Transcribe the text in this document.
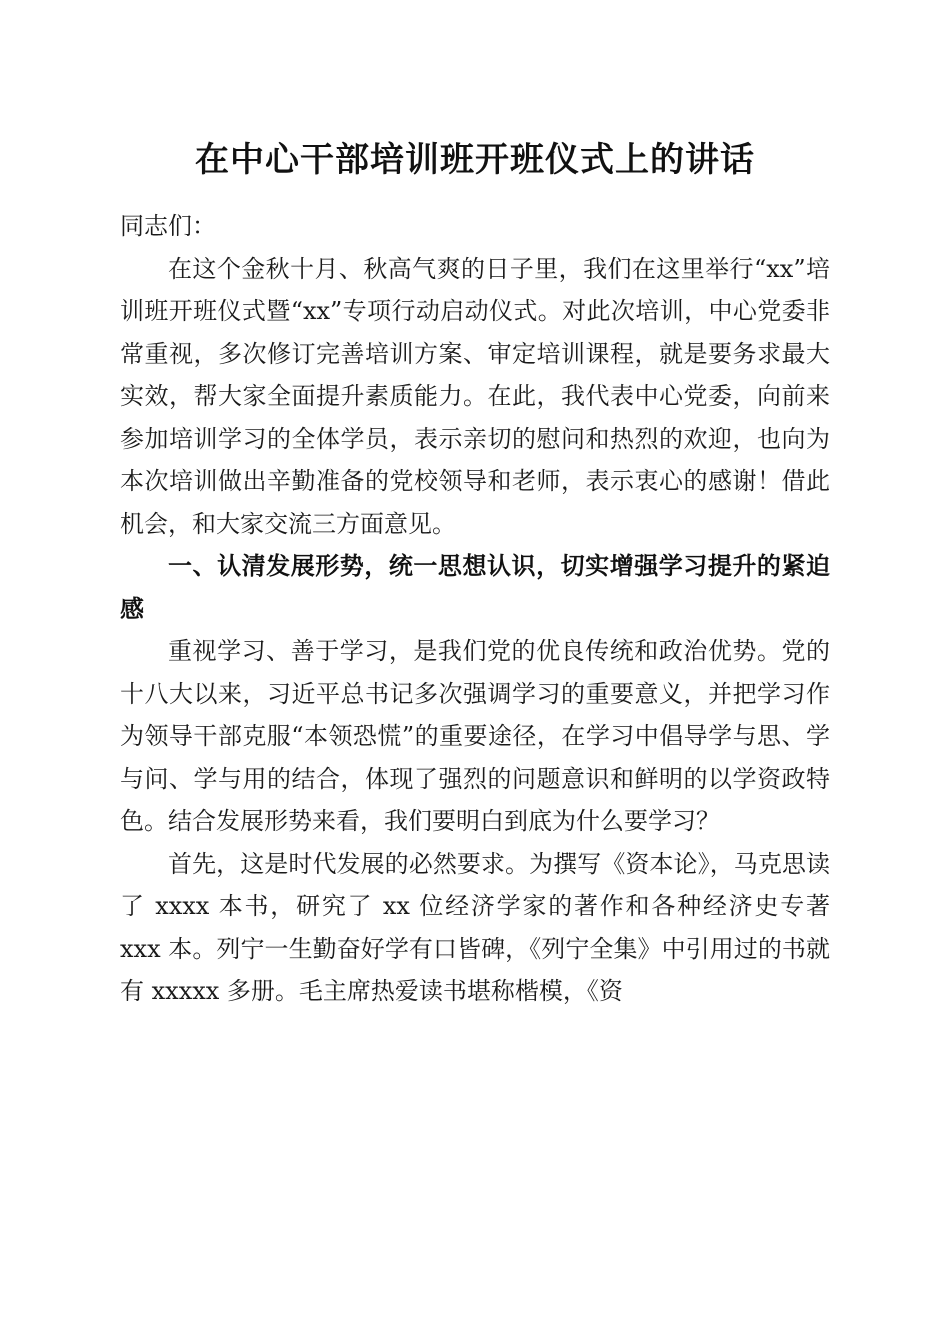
在中心干部培训班开班仪式上的讲话

同志们：

在这个金秋十月、秋高气爽的日子里，我们在这里举行“xx”培训班开班仪式暨“xx”专项行动启动仪式。对此次培训，中心党委非常重视，多次修订完善培训方案、审定培训课程，就是要务求最大实效，帮大家全面提升素质能力。在此，我代表中心党委，向前来参加培训学习的全体学员，表示亲切的慰问和热烈的欢迎，也向为本次培训做出辛勤准备的党校领导和老师，表示衷心的感谢！借此机会，和大家交流三方面意见。

一、认清发展形势，统一思想认识，切实增强学习提升的紧迫感

重视学习、善于学习，是我们党的优良传统和政治优势。党的十八大以来，习近平总书记多次强调学习的重要意义，并把学习作为领导干部克服“本领恐慌”的重要途径，在学习中倡导学与思、学与问、学与用的结合，体现了强烈的问题意识和鲜明的以学资政特色。结合发展形势来看，我们要明白到底为什么要学习？

首先，这是时代发展的必然要求。为撰写《资本论》，马克思读了 xxxx 本书，研究了 xx 位经济学家的著作和各种经济史专著 xxx 本。列宁一生勤奋好学有口皆碑，《列宁全集》中引用过的书就有 xxxxx 多册。毛主席热爱读书堪称楷模，《资
